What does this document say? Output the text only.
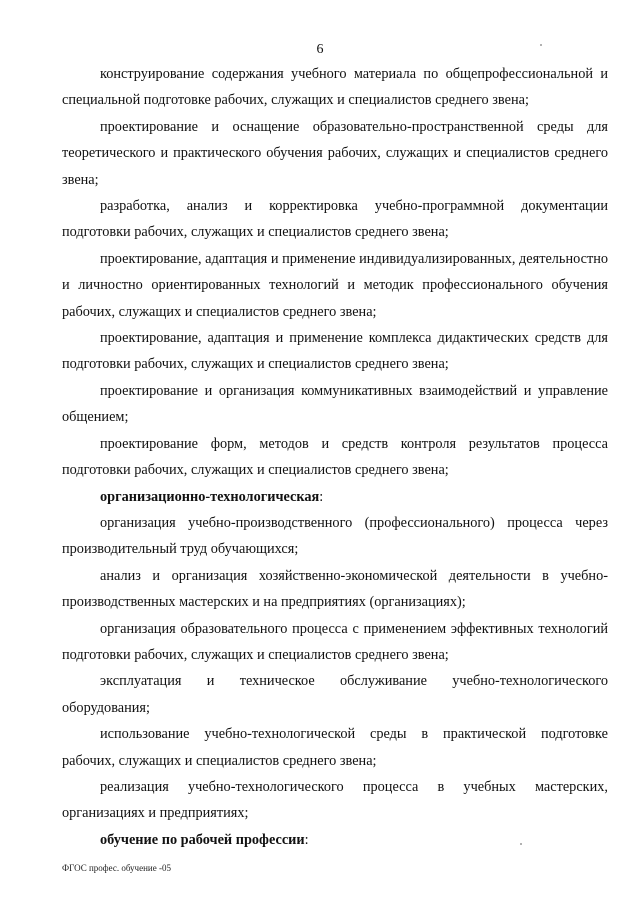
6

конструирование содержания учебного материала по общепрофессиональной и специальной подготовке рабочих, служащих и специалистов среднего звена;

проектирование и оснащение образовательно-пространственной среды для теоретического и практического обучения рабочих, служащих и специалистов среднего звена;

разработка, анализ и корректировка учебно-программной документации подготовки рабочих, служащих и специалистов среднего звена;

проектирование, адаптация и применение индивидуализированных, деятельностно и личностно ориентированных технологий и методик профессионального обучения рабочих, служащих и специалистов среднего звена;

проектирование, адаптация и применение комплекса дидактических средств для подготовки рабочих, служащих и специалистов среднего звена;

проектирование и организация коммуникативных взаимодействий и управление общением;

проектирование форм, методов и средств контроля результатов процесса подготовки рабочих, служащих и специалистов среднего звена;

организационно-технологическая:

организация учебно-производственного (профессионального) процесса через производительный труд обучающихся;

анализ и организация хозяйственно-экономической деятельности в учебно-производственных мастерских и на предприятиях (организациях);

организация образовательного процесса с применением эффективных технологий подготовки рабочих, служащих и специалистов среднего звена;

эксплуатация и техническое обслуживание учебно-технологического оборудования;

использование учебно-технологической среды в практической подготовке рабочих, служащих и специалистов среднего звена;

реализация учебно-технологического процесса в учебных мастерских, организациях и предприятиях;

обучение по рабочей профессии:

ФГОС профес. обучение -05
